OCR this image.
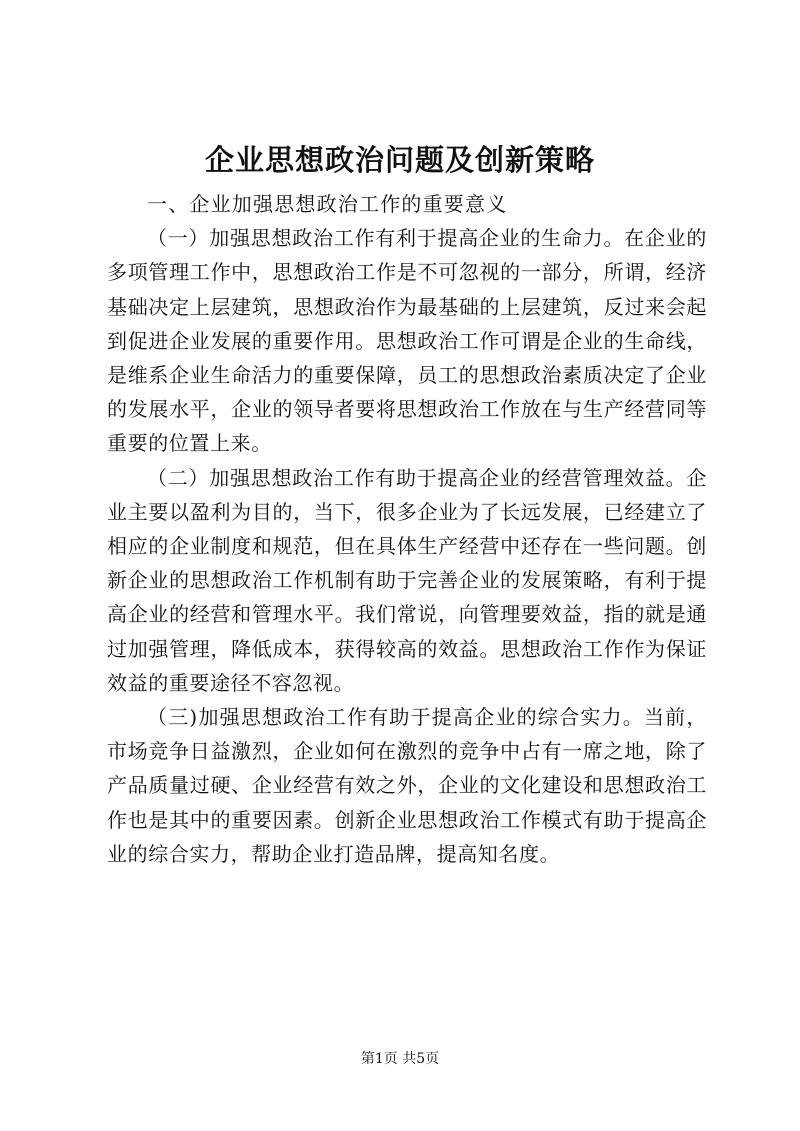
企业思想政治问题及创新策略

一、企业加强思想政治工作的重要意义

（一）加强思想政治工作有利于提高企业的生命力。在企业的多项管理工作中，思想政治工作是不可忽视的一部分，所谓，经济基础决定上层建筑，思想政治作为最基础的上层建筑，反过来会起到促进企业发展的重要作用。思想政治工作可谓是企业的生命线，是维系企业生命活力的重要保障，员工的思想政治素质决定了企业的发展水平，企业的领导者要将思想政治工作放在与生产经营同等重要的位置上来。

（二）加强思想政治工作有助于提高企业的经营管理效益。企业主要以盈利为目的，当下，很多企业为了长远发展，已经建立了相应的企业制度和规范，但在具体生产经营中还存在一些问题。创新企业的思想政治工作机制有助于完善企业的发展策略，有利于提高企业的经营和管理水平。我们常说，向管理要效益，指的就是通过加强管理，降低成本，获得较高的效益。思想政治工作作为保证效益的重要途径不容忽视。

（三)加强思想政治工作有助于提高企业的综合实力。当前，市场竞争日益激烈，企业如何在激烈的竞争中占有一席之地，除了产品质量过硬、企业经营有效之外，企业的文化建设和思想政治工作也是其中的重要因素。创新企业思想政治工作模式有助于提高企业的综合实力，帮助企业打造品牌，提高知名度。

第1页 共5页
